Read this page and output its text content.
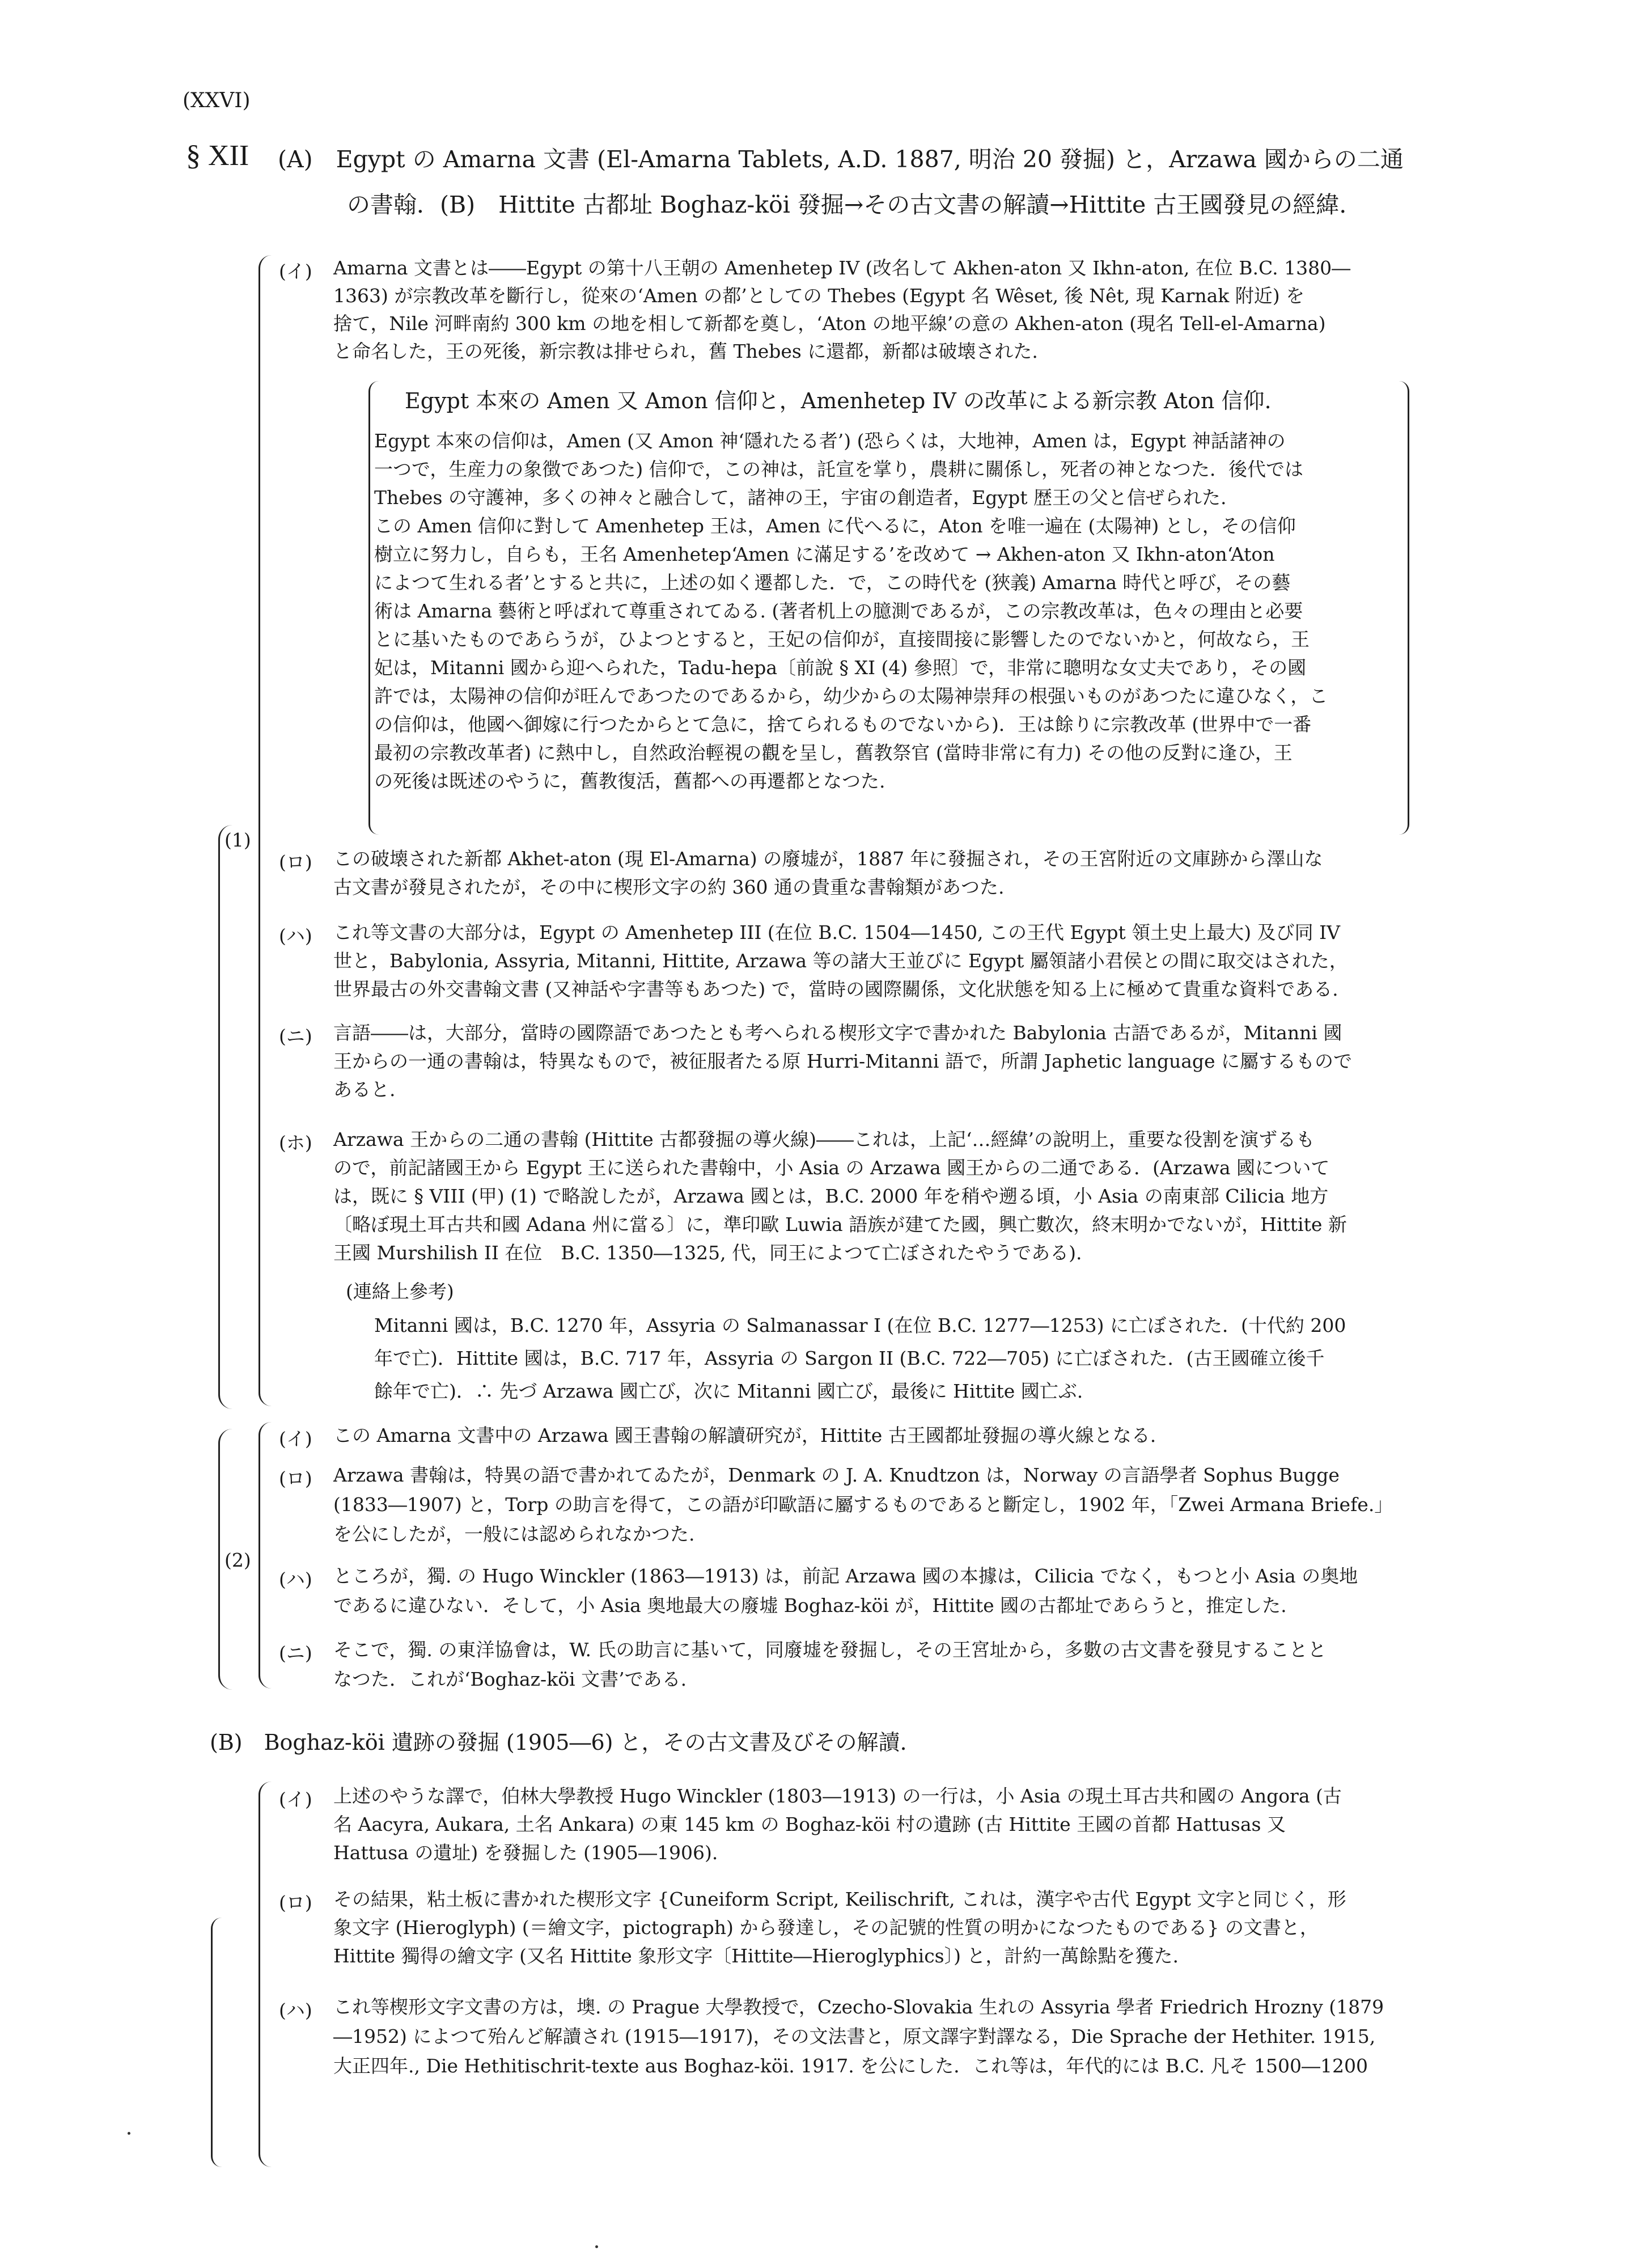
(XXVI)
§ XII (A)　Egypt の Amarna 文書 (El-Amarna Tablets, A.D. 1887, 明治 20 發掘) と，Arzawa 國からの二通
の書翰．(B)　Hittite 古都址 Boghaz-köi 發掘→その古文書の解讀→Hittite 古王國發見の經緯.
(1)
(2)
(イ) Amarna 文書とは――Egypt の第十八王朝の Amenhetep IV (改名して Akhen-aton 又 Ikhn-aton, 在位 B.C. 1380―
1363) が宗教改革を斷行し，從來の‘Amen の都’としての Thebes (Egypt 名 Wêset, 後 Nêt, 現 Karnak 附近) を
捨て，Nile 河畔南約 300 km の地を相して新都を奠し，‘Aton の地平線’の意の Akhen-aton (現名 Tell-el-Amarna)
と命名した，王の死後，新宗教は排せられ，舊 Thebes に還都，新都は破壊された.
Egypt 本來の Amen 又 Amon 信仰と，Amenhetep IV の改革による新宗教 Aton 信仰.
Egypt 本來の信仰は，Amen (又 Amon 神‘隱れたる者’) (恐らくは，大地神，Amen は，Egypt 神話諸神の
一つで，生産力の象徴であつた) 信仰で，この神は，託宣を掌り，農耕に關係し，死者の神となつた．後代では
Thebes の守護神，多くの神々と融合して，諸神の王，宇宙の創造者，Egypt 歴王の父と信ぜられた.
この Amen 信仰に對して Amenhetep 王は，Amen に代へるに，Aton を唯一遍在 (太陽神) とし，その信仰
樹立に努力し，自らも，王名 Amenhetep‘Amen に滿足する’を改めて → Akhen-aton 又 Ikhn-aton‘Aton
によつて生れる者’とすると共に，上述の如く遷都した．で，この時代を (狹義) Amarna 時代と呼び，その藝
術は Amarna 藝術と呼ばれて尊重されてゐる. (著者机上の臆測であるが，この宗教改革は，色々の理由と必要
とに基いたものであらうが，ひよつとすると，王妃の信仰が，直接間接に影響したのでないかと，何故なら，王
妃は，Mitanni 國から迎へられた，Tadu-hepa〔前說 § XI (4) 參照〕で，非常に聰明な女丈夫であり，その國
許では，太陽神の信仰が旺んであつたのであるから，幼少からの太陽神崇拜の根强いものがあつたに違ひなく，こ
の信仰は，他國へ御嫁に行つたからとて急に，捨てられるものでないから)．王は餘りに宗教改革 (世界中で一番
最初の宗教改革者) に熱中し，自然政治輕視の觀を呈し，舊教祭官 (當時非常に有力) その他の反對に逢ひ，王
の死後は既述のやうに，舊教復活，舊都への再遷都となつた.
(ロ) この破壊された新都 Akhet-aton (現 El-Amarna) の廢墟が，1887 年に發掘され，その王宮附近の文庫跡から澤山な
古文書が發見されたが，その中に楔形文字の約 360 通の貴重な書翰類があつた.
(ハ) これ等文書の大部分は，Egypt の Amenhetep III (在位 B.C. 1504―1450, この王代 Egypt 領土史上最大) 及び同 IV
世と，Babylonia, Assyria, Mitanni, Hittite, Arzawa 等の諸大王並びに Egypt 屬領諸小君侯との間に取交はされた，
世界最古の外交書翰文書 (又神話や字書等もあつた) で，當時の國際關係，文化狀態を知る上に極めて貴重な資料である.
(ニ) 言語――は，大部分，當時の國際語であつたとも考へられる楔形文字で書かれた Babylonia 古語であるが，Mitanni 國
王からの一通の書翰は，特異なもので，被征服者たる原 Hurri-Mitanni 語で，所謂 Japhetic language に屬するもので
あると.
(ホ) Arzawa 王からの二通の書翰 (Hittite 古都發掘の導火線)――これは，上記‘…經緯’の說明上，重要な役割を演ずるも
ので，前記諸國王から Egypt 王に送られた書翰中，小 Asia の Arzawa 國王からの二通である．(Arzawa 國について
は，既に § VIII (甲) (1) で略說したが，Arzawa 國とは，B.C. 2000 年を稍や遡る頃，小 Asia の南東部 Cilicia 地方
〔略ぼ現土耳古共和國 Adana 州に當る〕に，準印歐 Luwia 語族が建てた國，興亡數次，終末明かでないが，Hittite 新
王國 Murshilish II 在位　B.C. 1350―1325, 代，同王によつて亡ぼされたやうである).
(連絡上參考)
Mitanni 國は，B.C. 1270 年，Assyria の Salmanassar I (在位 B.C. 1277―1253) に亡ぼされた．(十代約 200
年で亡)．Hittite 國は，B.C. 717 年，Assyria の Sargon II (B.C. 722―705) に亡ぼされた．(古王國確立後千
餘年で亡)．∴ 先づ Arzawa 國亡び，次に Mitanni 國亡び，最後に Hittite 國亡ぶ.
(イ) この Amarna 文書中の Arzawa 國王書翰の解讀研究が，Hittite 古王國都址發掘の導火線となる.
(ロ) Arzawa 書翰は，特異の語で書かれてゐたが，Denmark の J. A. Knudtzon は，Norway の言語學者 Sophus Bugge
(1833―1907) と，Torp の助言を得て，この語が印歐語に屬するものであると斷定し，1902 年，「Zwei Armana Briefe.」
を公にしたが，一般には認められなかつた.
(ハ) ところが，獨. の Hugo Winckler (1863―1913) は，前記 Arzawa 國の本據は，Cilicia でなく，もつと小 Asia の奥地
であるに違ひない．そして，小 Asia 奥地最大の廢墟 Boghaz-köi が，Hittite 國の古都址であらうと，推定した.
(ニ) そこで，獨. の東洋協會は，W. 氏の助言に基いて，同廢墟を發掘し，その王宮址から，多數の古文書を發見することと
なつた．これが‘Boghaz-köi 文書’である.
(B)　Boghaz-köi 遺跡の發掘 (1905―6) と，その古文書及びその解讀.
(イ) 上述のやうな譯で，伯林大學教授 Hugo Winckler (1803―1913) の一行は，小 Asia の現土耳古共和國の Angora (古
名 Aacyra, Aukara, 土名 Ankara) の東 145 km の Boghaz-köi 村の遺跡 (古 Hittite 王國の首都 Hattusas 又
Hattusa の遺址) を發掘した (1905―1906).
(ロ) その結果，粘土板に書かれた楔形文字 {Cuneiform Script, Keilischrift, これは，漢字や古代 Egypt 文字と同じく，形
象文字 (Hieroglyph) (＝繪文字，pictograph) から發達し，その記號的性質の明かになつたものである} の文書と，
Hittite 獨得の繪文字 (又名 Hittite 象形文字〔Hittite―Hieroglyphics〕) と，計約一萬餘點を獲た.
(ハ) これ等楔形文字文書の方は，墺. の Prague 大學教授で，Czecho-Slovakia 生れの Assyria 學者 Friedrich Hrozny (1879
―1952) によつて殆んど解讀され (1915―1917)，その文法書と，原文譯字對譯なる，Die Sprache der Hethiter. 1915,
大正四年., Die Hethitischrit-texte aus Boghaz-köi. 1917. を公にした．これ等は，年代的には B.C. 凡そ 1500―1200
